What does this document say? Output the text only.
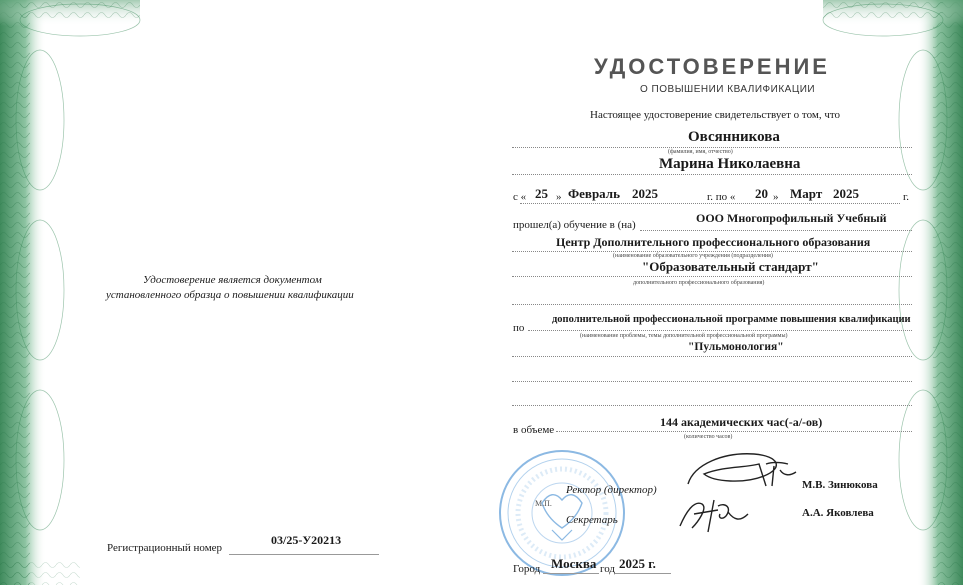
Удостоверение является документом
установленного образца о повышении квалификации
Регистрационный номер
03/25-У20213
УДОСТОВЕРЕНИЕ
О ПОВЫШЕНИИ КВАЛИФИКАЦИИ
Настоящее удостоверение свидетельствует о том, что
Овсянникова
(фамилия, имя, отчество)
Марина Николаевна
с « 25 » Февраль 2025	г. по « 20 » Март 2025	г.
прошел(а) обучение в (на)	ООО Многопрофильный Учебный
Центр Дополнительного профессионального образования
(наименование образовательного учреждения (подразделения)
"Образовательный стандарт"
дополнительного профессионального образования)
по
дополнительной профессиональной программе повышения квалификации
(наименование проблемы, темы дополнительной профессиональной программы)
"Пульмонология"
в объеме
144 академических час(-а/-ов)
(количество часов)
М.П.
Ректор (директор)	М.В. Зинюкова
Секретарь
А.А. Яковлева
Город Москва год 2025 г.
